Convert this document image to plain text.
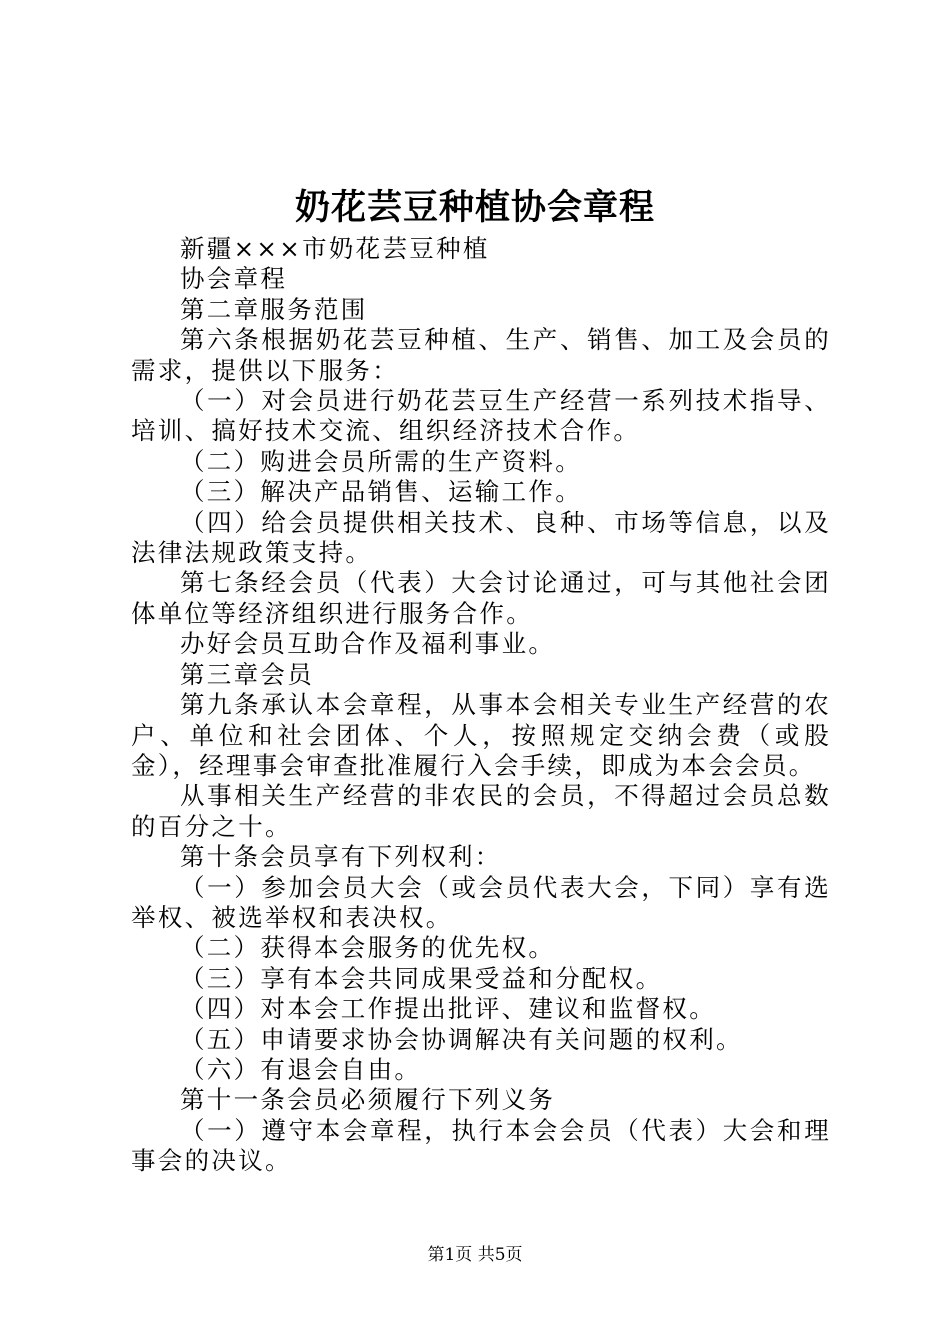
奶花芸豆种植协会章程

新疆×××市奶花芸豆种植

协会章程

第二章服务范围

第六条根据奶花芸豆种植、生产、销售、加工及会员的需求，提供以下服务：

（一）对会员进行奶花芸豆生产经营一系列技术指导、培训、搞好技术交流、组织经济技术合作。

（二）购进会员所需的生产资料。

（三）解决产品销售、运输工作。

（四）给会员提供相关技术、良种、市场等信息，以及法律法规政策支持。

第七条经会员（代表）大会讨论通过，可与其他社会团体单位等经济组织进行服务合作。

办好会员互助合作及福利事业。

第三章会员

第九条承认本会章程，从事本会相关专业生产经营的农户、单位和社会团体、个人，按照规定交纳会费（或股金），经理事会审查批准履行入会手续，即成为本会会员。

从事相关生产经营的非农民的会员，不得超过会员总数的百分之十。

第十条会员享有下列权利：

（一）参加会员大会（或会员代表大会，下同）享有选举权、被选举权和表决权。

（二）获得本会服务的优先权。

（三）享有本会共同成果受益和分配权。

（四）对本会工作提出批评、建议和监督权。

（五）申请要求协会协调解决有关问题的权利。

（六）有退会自由。

第十一条会员必须履行下列义务

（一）遵守本会章程，执行本会会员（代表）大会和理事会的决议。

第1页 共5页
